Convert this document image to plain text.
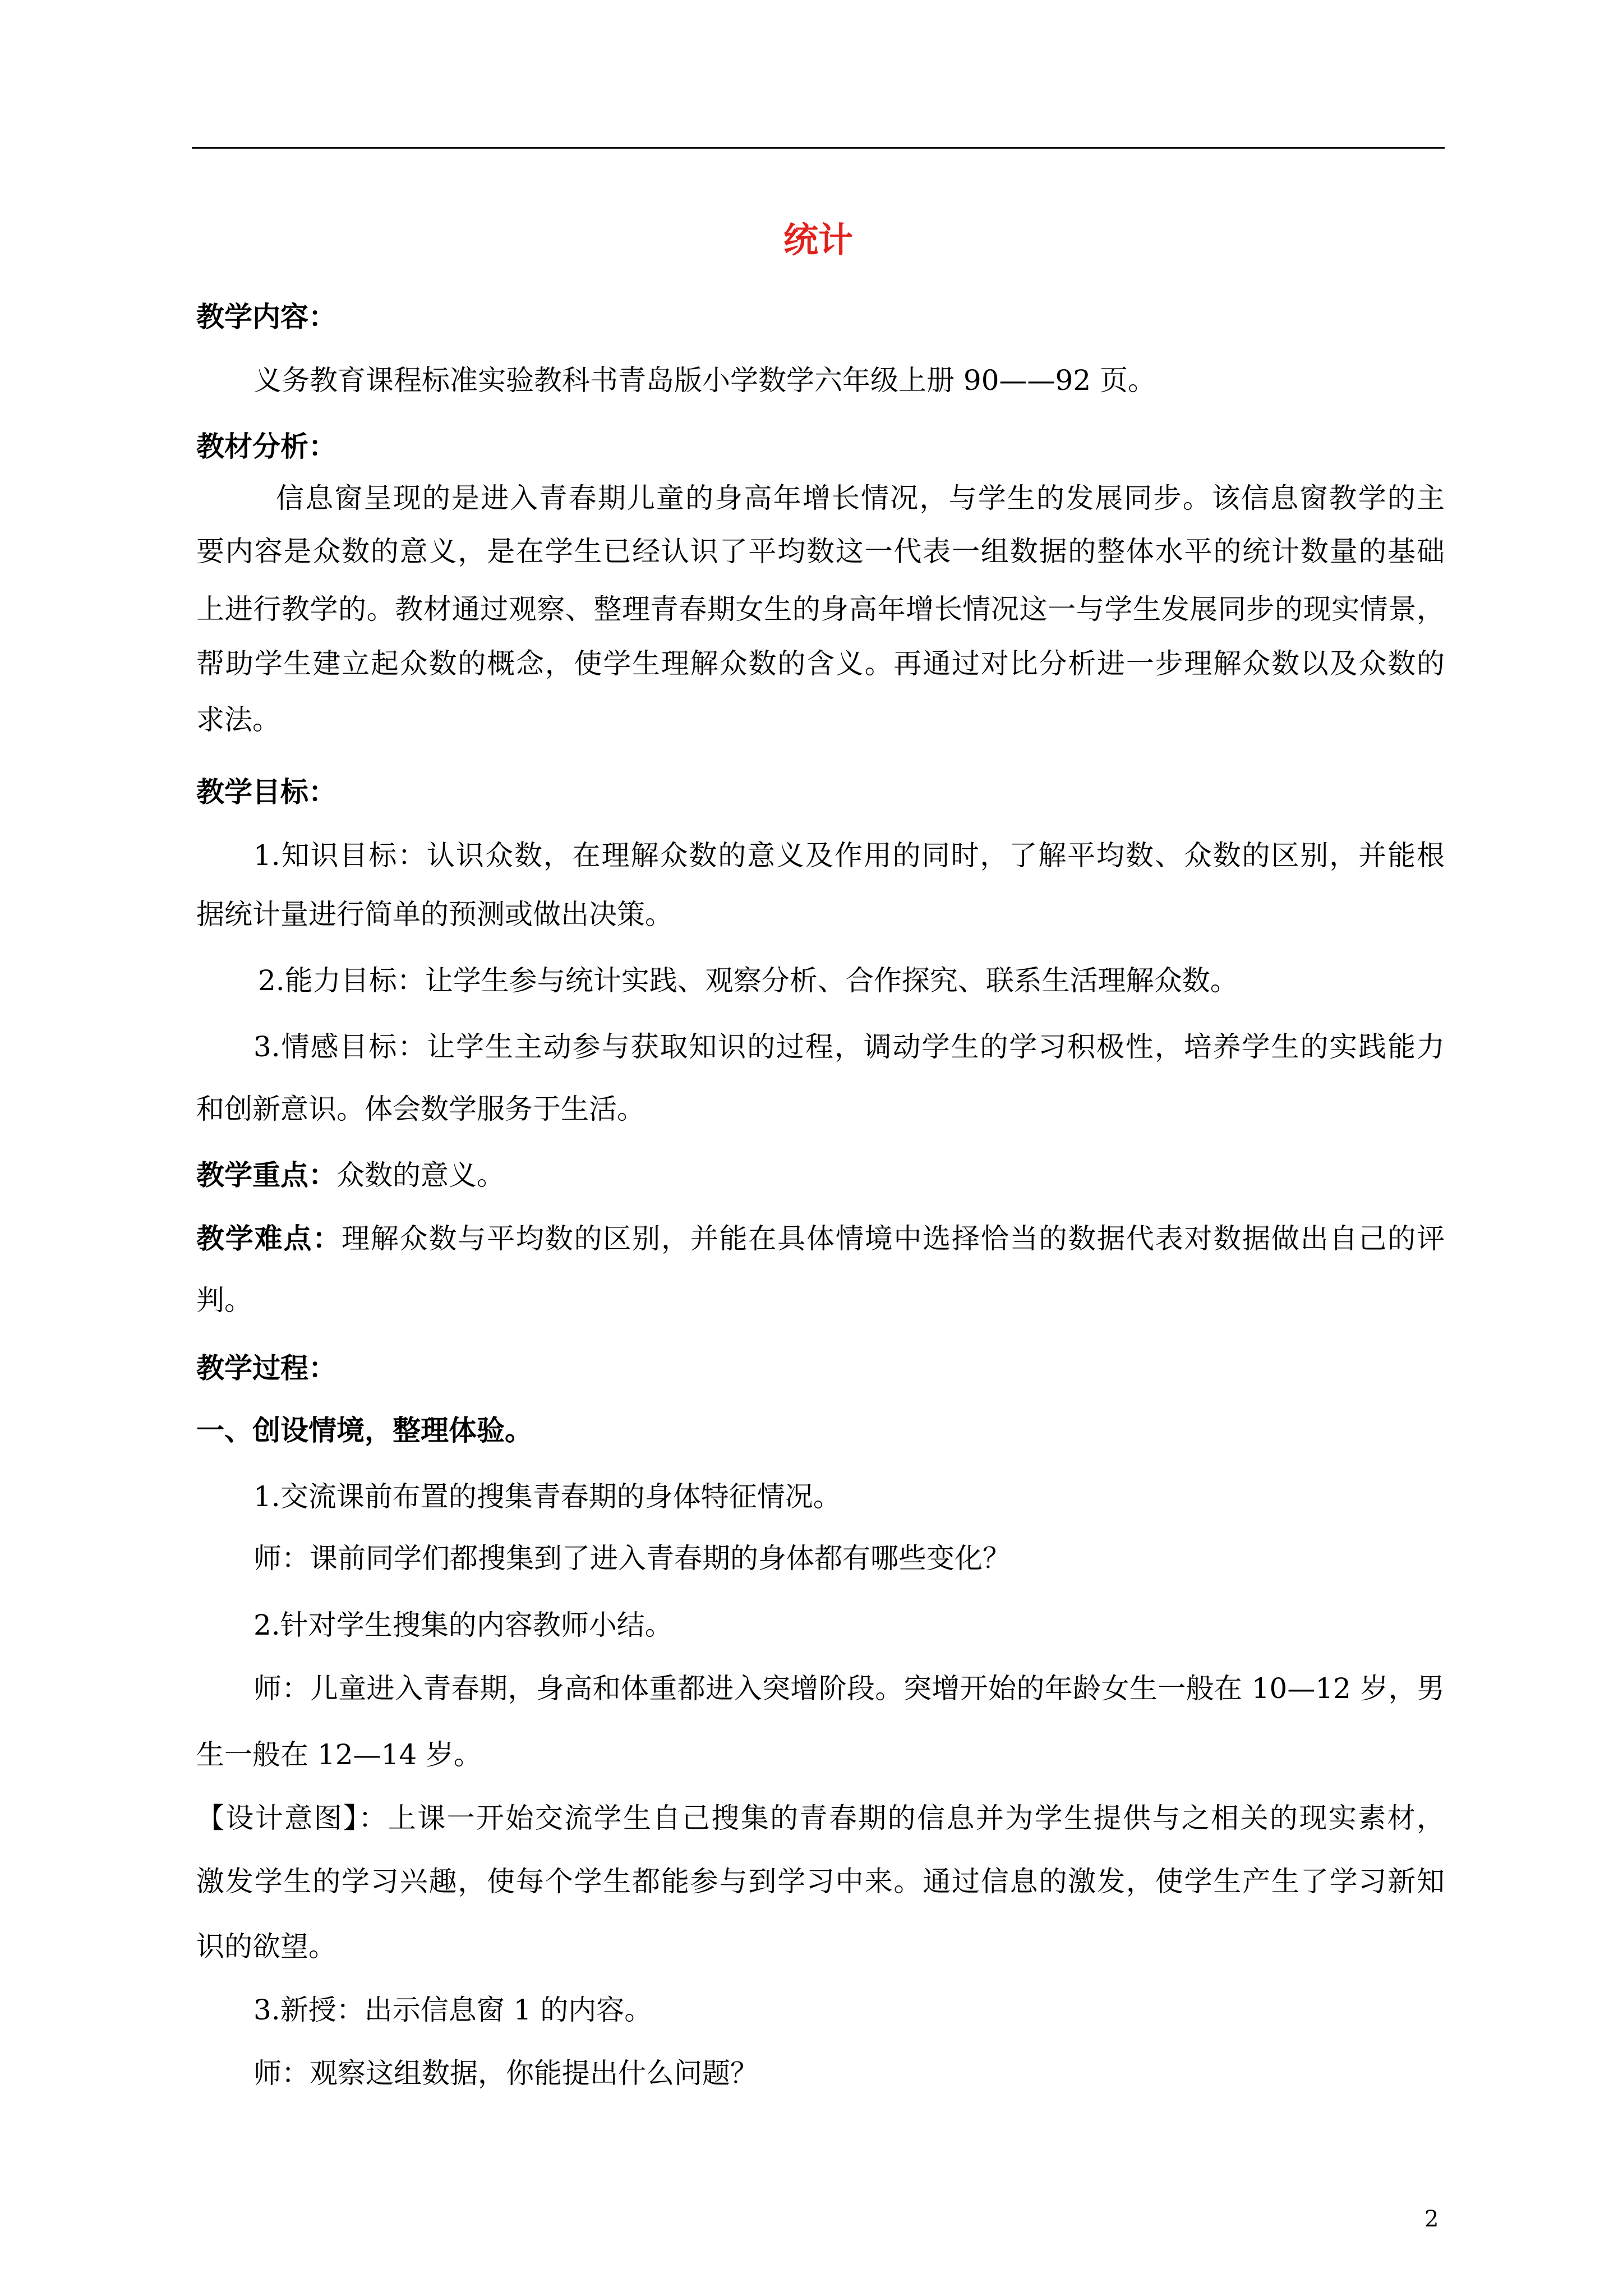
统计
教学内容：
义务教育课程标准实验教科书青岛版小学数学六年级上册 90——92 页。
教材分析：
信息窗呈现的是进入青春期儿童的身高年增长情况，与学生的发展同步。该信息窗教学的主
要内容是众数的意义，是在学生已经认识了平均数这一代表一组数据的整体水平的统计数量的基础
上进行教学的。教材通过观察、整理青春期女生的身高年增长情况这一与学生发展同步的现实情景，
帮助学生建立起众数的概念，使学生理解众数的含义。再通过对比分析进一步理解众数以及众数的
求法。
教学目标：
1.知识目标：认识众数，在理解众数的意义及作用的同时，了解平均数、众数的区别，并能根
据统计量进行简单的预测或做出决策。
2.能力目标：让学生参与统计实践、观察分析、合作探究、联系生活理解众数。
3.情感目标：让学生主动参与获取知识的过程，调动学生的学习积极性，培养学生的实践能力
和创新意识。体会数学服务于生活。
教学重点：众数的意义。
教学难点：理解众数与平均数的区别，并能在具体情境中选择恰当的数据代表对数据做出自己的评
判。
教学过程：
一、创设情境，整理体验。
1.交流课前布置的搜集青春期的身体特征情况。
师：课前同学们都搜集到了进入青春期的身体都有哪些变化？
2.针对学生搜集的内容教师小结。
师：儿童进入青春期，身高和体重都进入突增阶段。突增开始的年龄女生一般在 10—12 岁，男
生一般在 12—14 岁。
【设计意图】：上课一开始交流学生自己搜集的青春期的信息并为学生提供与之相关的现实素材，
激发学生的学习兴趣，使每个学生都能参与到学习中来。通过信息的激发，使学生产生了学习新知
识的欲望。
3.新授：出示信息窗 1 的内容。
师：观察这组数据，你能提出什么问题？
2
